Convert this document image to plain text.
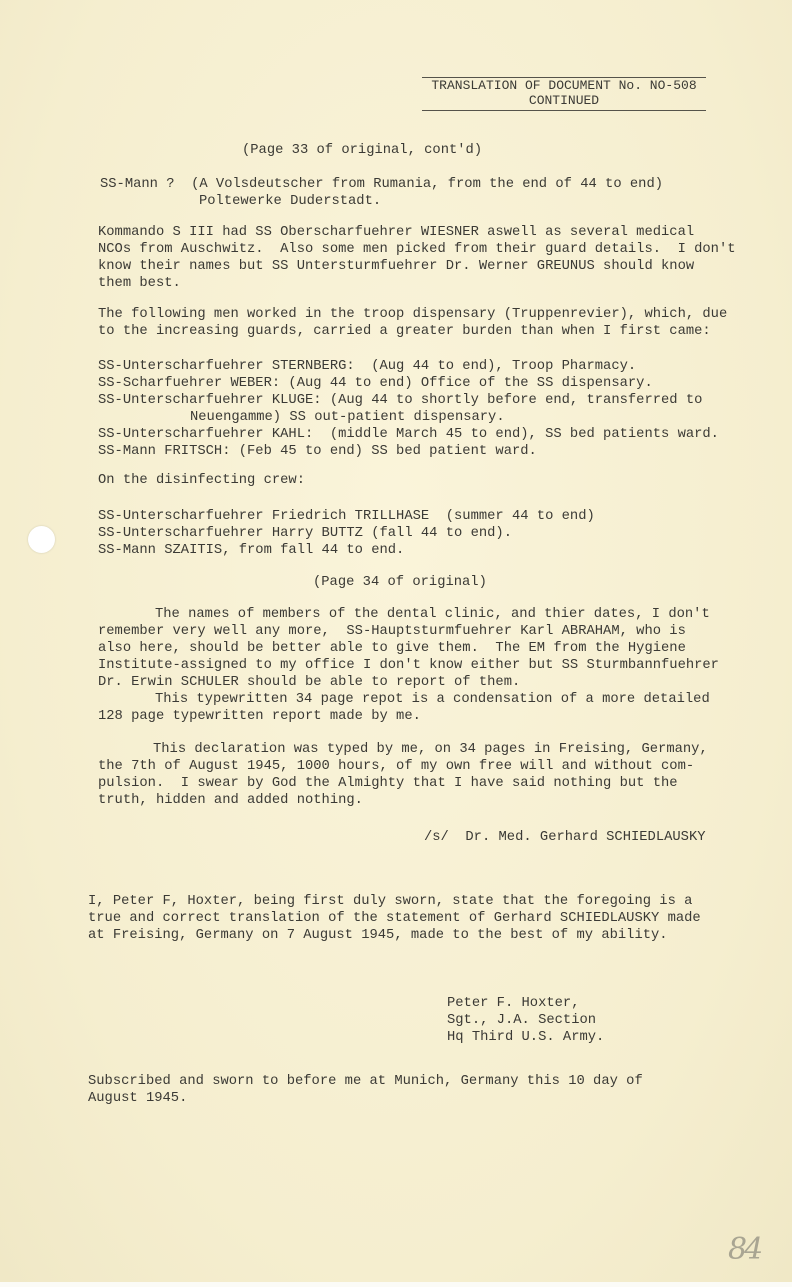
TRANSLATION OF DOCUMENT No. NO-508
CONTINUED
(Page 33 of original, cont'd)
SS-Mann ?  (A Volsdeutscher from Rumania, from the end of 44 to end)
Poltewerke Duderstadt.
Kommando S III had SS Oberscharfuehrer WIESNER aswell as several medical
NCOs from Auschwitz.  Also some men picked from their guard details.  I don't
know their names but SS Untersturmfuehrer Dr. Werner GREUNUS should know
them best.
The following men worked in the troop dispensary (Truppenrevier), which, due
to the increasing guards, carried a greater burden than when I first came:
SS-Unterscharfuehrer STERNBERG:  (Aug 44 to end), Troop Pharmacy.
SS-Scharfuehrer WEBER: (Aug 44 to end) Office of the SS dispensary.
SS-Unterscharfuehrer KLUGE: (Aug 44 to shortly before end, transferred to
Neuengamme) SS out-patient dispensary.
SS-Unterscharfuehrer KAHL:  (middle March 45 to end), SS bed patients ward.
SS-Mann FRITSCH: (Feb 45 to end) SS bed patient ward.
On the disinfecting crew:
SS-Unterscharfuehrer Friedrich TRILLHASE  (summer 44 to end)
SS-Unterscharfuehrer Harry BUTTZ (fall 44 to end).
SS-Mann SZAITIS, from fall 44 to end.
(Page 34 of original)
The names of members of the dental clinic, and thier dates, I don't
remember very well any more,  SS-Hauptsturmfuehrer Karl ABRAHAM, who is
also here, should be better able to give them.  The EM from the Hygiene
Institute-assigned to my office I don't know either but SS Sturmbannfuehrer
Dr. Erwin SCHULER should be able to report of them.
This typewritten 34 page repot is a condensation of a more detailed
128 page typewritten report made by me.
This declaration was typed by me, on 34 pages in Freising, Germany,
the 7th of August 1945, 1000 hours, of my own free will and without com-
pulsion.  I swear by God the Almighty that I have said nothing but the
truth, hidden and added nothing.
/s/  Dr. Med. Gerhard SCHIEDLAUSKY
I, Peter F, Hoxter, being first duly sworn, state that the foregoing is a
true and correct translation of the statement of Gerhard SCHIEDLAUSKY made
at Freising, Germany on 7 August 1945, made to the best of my ability.
Peter F. Hoxter,
Sgt., J.A. Section
Hq Third U.S. Army.
Subscribed and sworn to before me at Munich, Germany this 10 day of
August 1945.
84
